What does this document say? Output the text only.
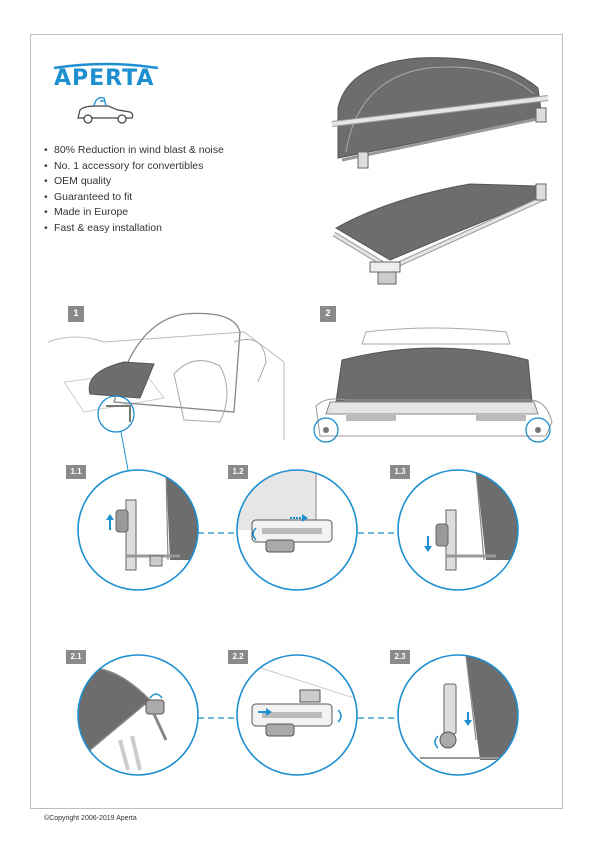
APERTA
• 80% Reduction in wind blast & noise
• No. 1 accessory for convertibles
• OEM quality
• Guaranteed to fit
• Made in Europe
• Fast & easy installation
1	2
1.1	1.2	1.3
2.1	2.2	2.3
©Copyright 2006-2019 Aperta
